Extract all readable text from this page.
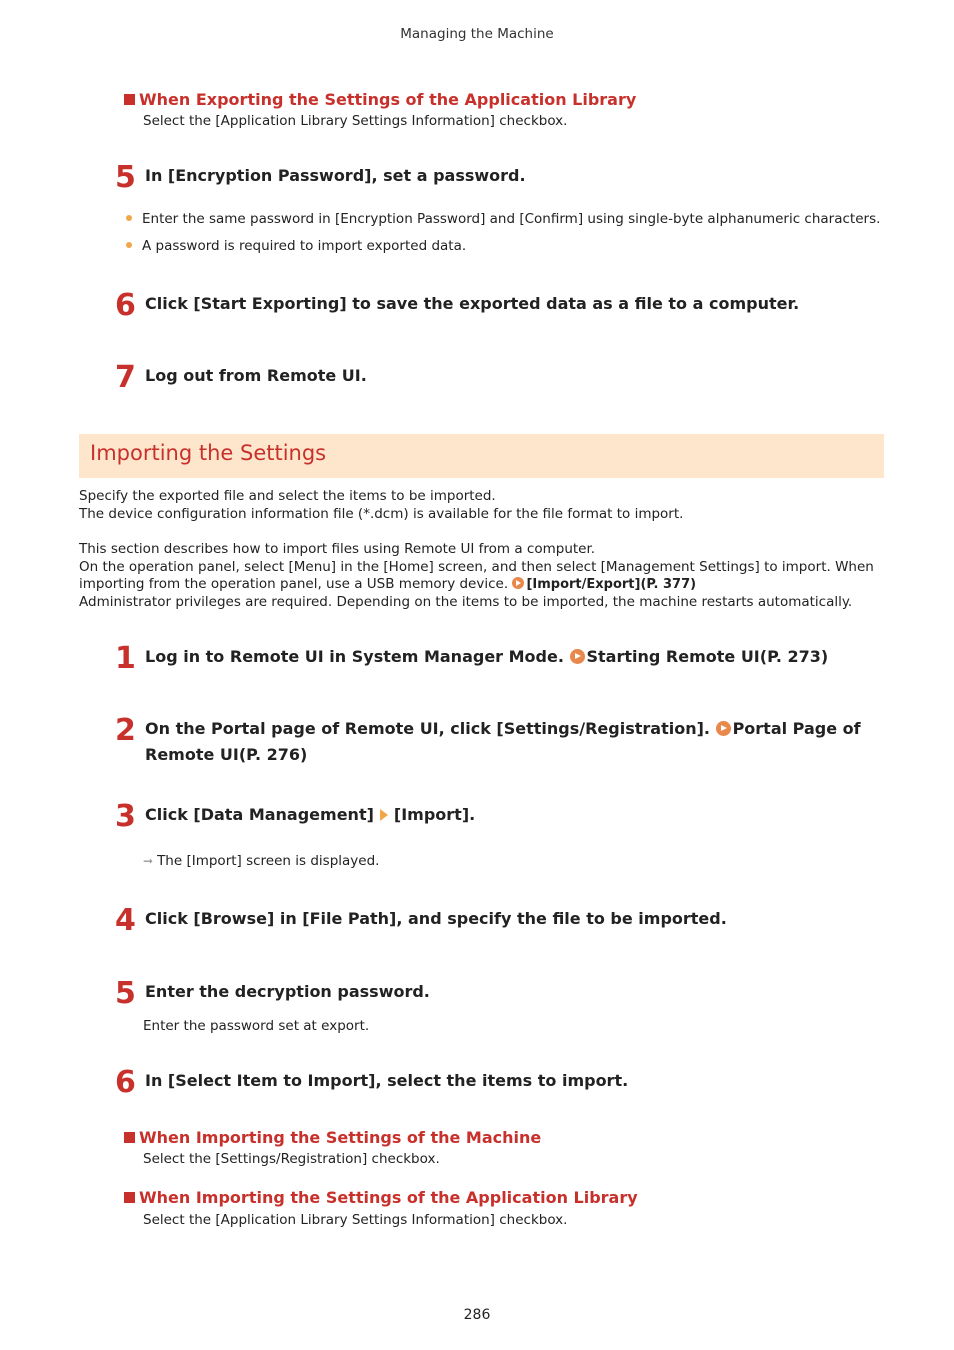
Managing the Machine
When Exporting the Settings of the Application Library
Select the [Application Library Settings Information] checkbox.
5 In [Encryption Password], set a password.
Enter the same password in [Encryption Password] and [Confirm] using single-byte alphanumeric characters.
A password is required to import exported data.
6 Click [Start Exporting] to save the exported data as a file to a computer.
7 Log out from Remote UI.
Importing the Settings
Specify the exported file and select the items to be imported.
The device configuration information file (*.dcm) is available for the file format to import.
This section describes how to import files using Remote UI from a computer.
On the operation panel, select [Menu] in the [Home] screen, and then select [Management Settings] to import. When
importing from the operation panel, use a USB memory device. [Import/Export](P. 377)
Administrator privileges are required. Depending on the items to be imported, the machine restarts automatically.
1 Log in to Remote UI in System Manager Mode. Starting Remote UI(P. 273)
2 On the Portal page of Remote UI, click [Settings/Registration]. Portal Page of
Remote UI(P. 276)
3 Click [Data Management] [Import].
➞ The [Import] screen is displayed.
4 Click [Browse] in [File Path], and specify the file to be imported.
5 Enter the decryption password.
Enter the password set at export.
6 In [Select Item to Import], select the items to import.
When Importing the Settings of the Machine
Select the [Settings/Registration] checkbox.
When Importing the Settings of the Application Library
Select the [Application Library Settings Information] checkbox.
286
